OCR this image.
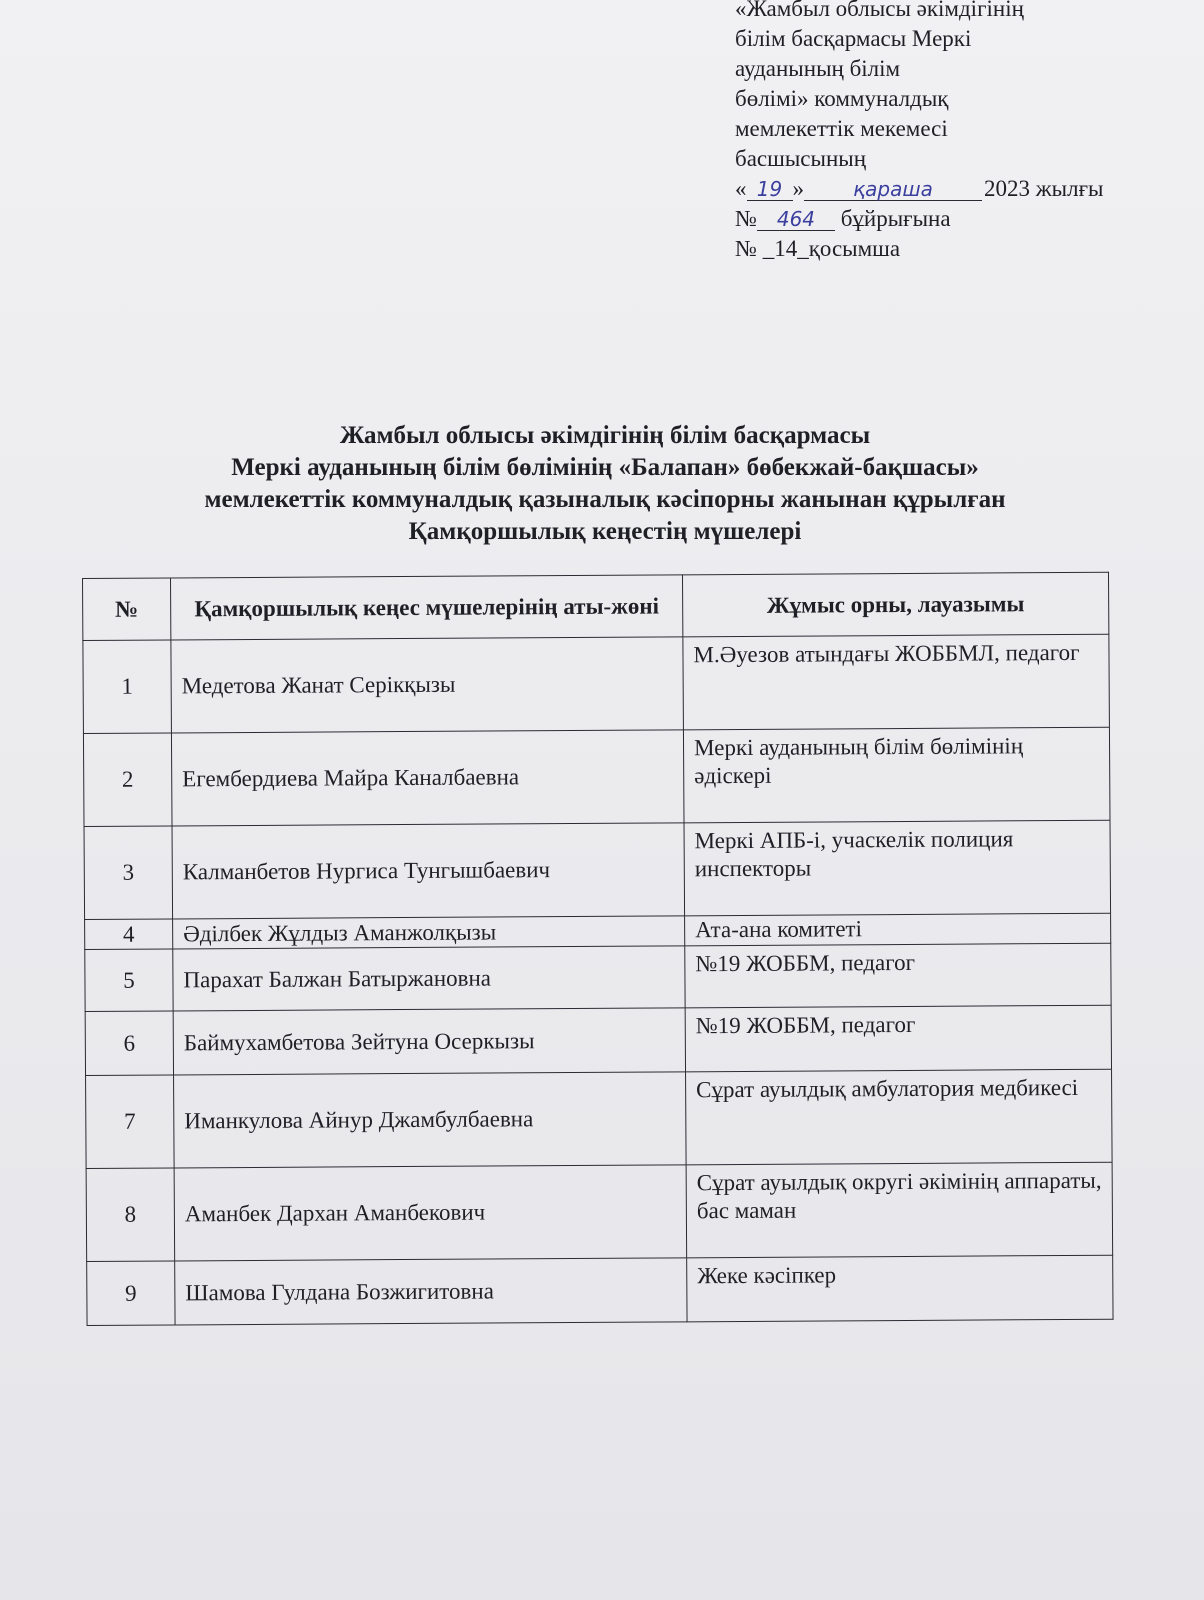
«Жамбыл облысы әкімдігінің
білім басқармасы Меркі
ауданының білім
бөлімі» коммуналдық
мемлекеттік мекемесі
басшысының
« 19 » қараша 2023 жылғы
№ 464 бұйрығына
№ _14_қосымша
Жамбыл облысы әкімдігінің білім басқармасы
Меркі ауданының білім бөлімінің «Балапан» бөбекжай-бақшасы»
мемлекеттік коммуналдық қазыналық кәсіпорны жанынан құрылған
Қамқоршылық кеңестің мүшелері
№	Қамқоршылық кеңес мүшелерінің аты-жөні	Жұмыс орны, лауазымы
1	Медетова Жанат Серікқызы	М.Әуезов атындағы ЖОББМЛ, педагог
2	Егембердиева Майра Каналбаевна	Меркі ауданының білім бөлімінің әдіскері
3	Калманбетов Нургиса Тунгышбаевич	Меркі АПБ-і, учаскелік полиция инспекторы
4	Әділбек Жұлдыз Аманжолқызы	Ата-ана комитеті
5	Парахат Балжан Батыржановна	№19 ЖОББМ, педагог
6	Баймухамбетова Зейтуна Осеркызы	№19 ЖОББМ, педагог
7	Иманкулова Айнур Джамбулбаевна	Сұрат ауылдық амбулатория медбикесі
8	Аманбек Дархан Аманбекович	Сұрат ауылдық округі әкімінің аппараты, бас маман
9	Шамова Гулдана Бозжигитовна	Жеке кәсіпкер
